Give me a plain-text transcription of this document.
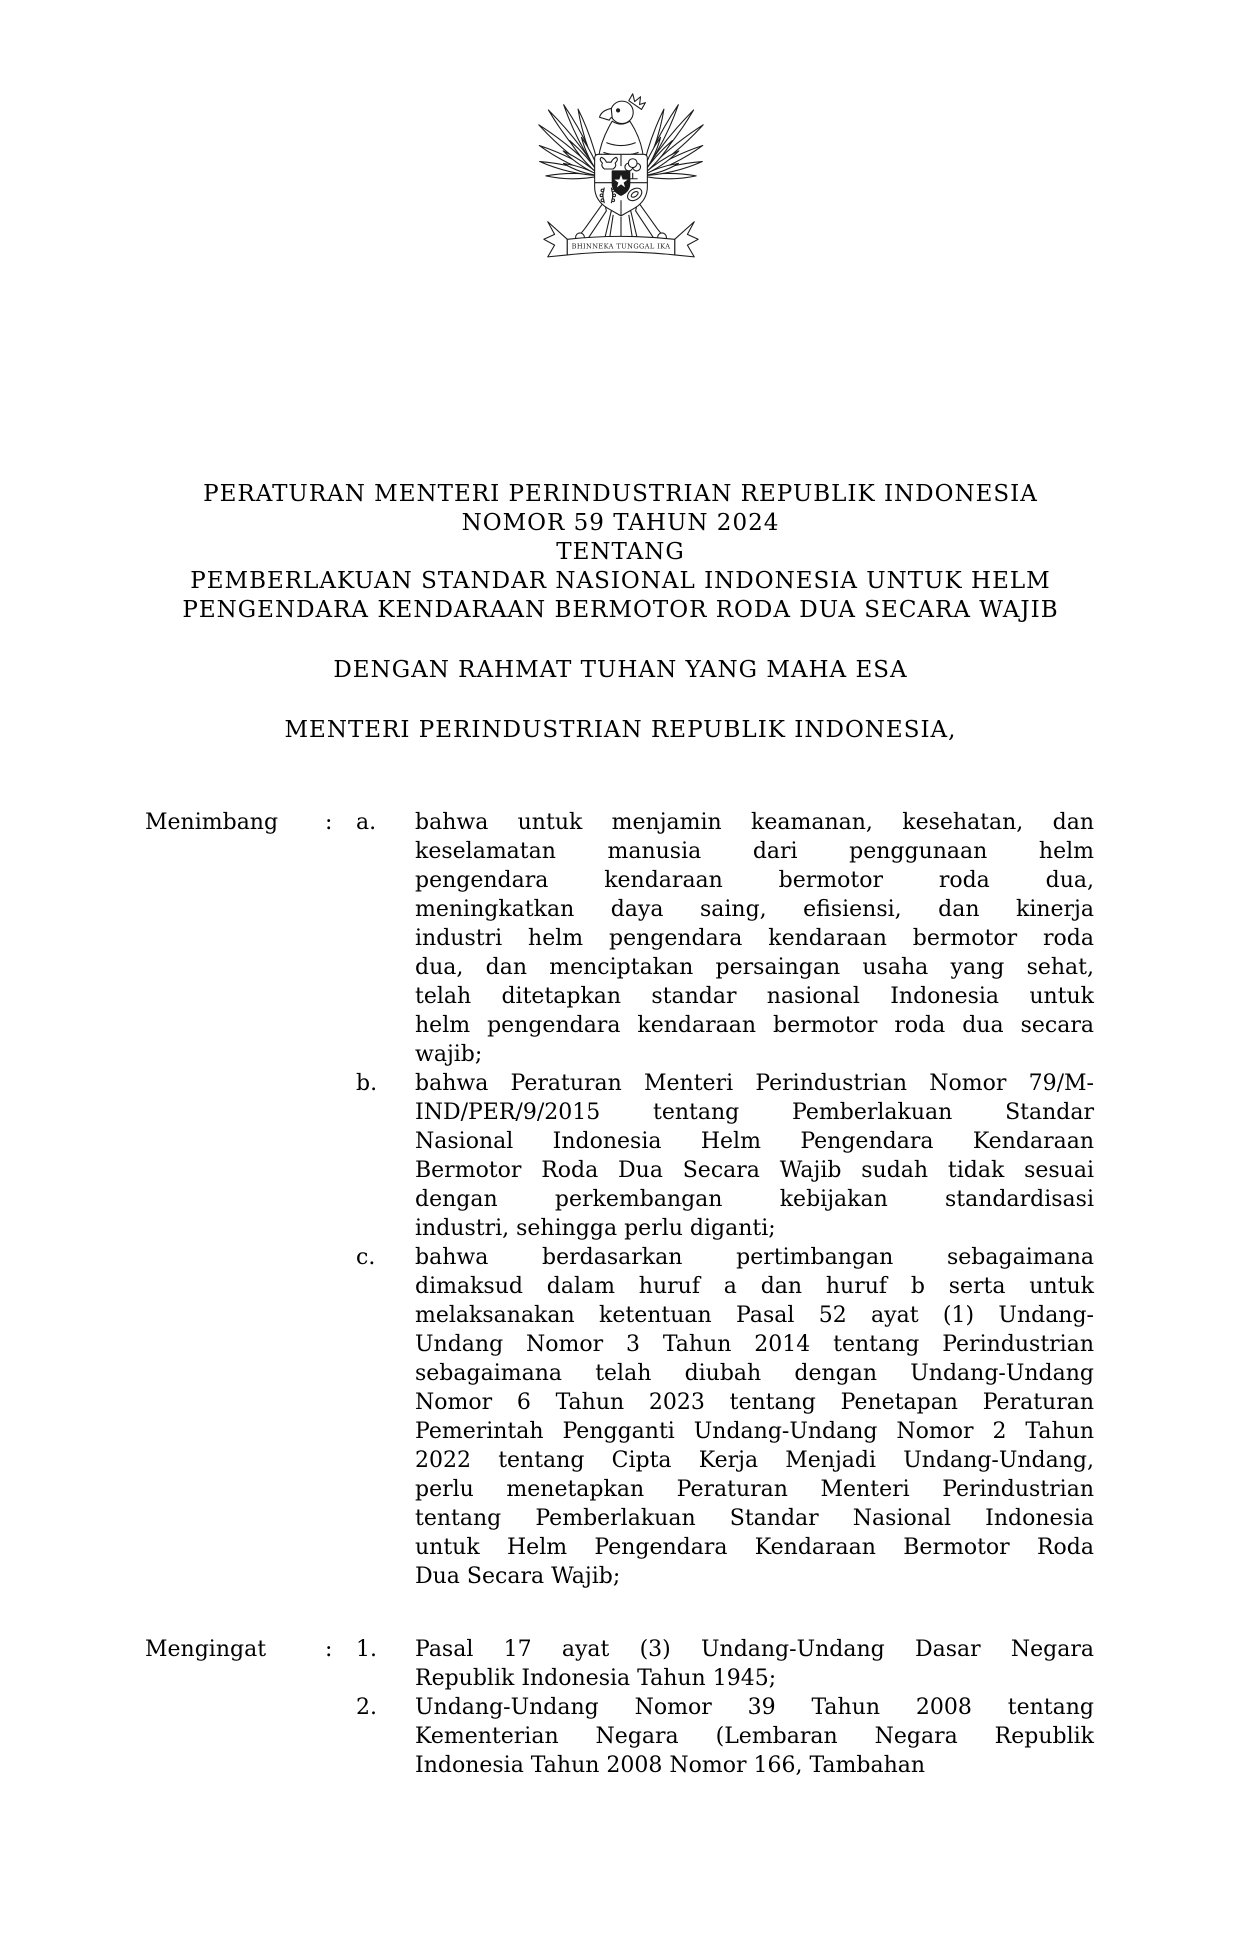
BHINNEKA TUNGGAL IKA
PERATURAN MENTERI PERINDUSTRIAN REPUBLIK INDONESIA
NOMOR 59 TAHUN 2024
TENTANG
PEMBERLAKUAN STANDAR NASIONAL INDONESIA UNTUK HELM
PENGENDARA KENDARAAN BERMOTOR RODA DUA SECARA WAJIB
DENGAN RAHMAT TUHAN YANG MAHA ESA
MENTERI PERINDUSTRIAN REPUBLIK INDONESIA,
Menimbang	:	a.	bahwa untuk menjamin keamanan, kesehatan, dan
keselamatan manusia dari penggunaan helm
pengendara kendaraan bermotor roda dua,
meningkatkan daya saing, efisiensi, dan kinerja
industri helm pengendara kendaraan bermotor roda
dua, dan menciptakan persaingan usaha yang sehat,
telah ditetapkan standar nasional Indonesia untuk
helm pengendara kendaraan bermotor roda dua secara
wajib;
b.	bahwa Peraturan Menteri Perindustrian Nomor 79/M-
IND/PER/9/2015 tentang Pemberlakuan Standar
Nasional Indonesia Helm Pengendara Kendaraan
Bermotor Roda Dua Secara Wajib sudah tidak sesuai
dengan perkembangan kebijakan standardisasi
industri, sehingga perlu diganti;
c.	bahwa berdasarkan pertimbangan sebagaimana
dimaksud dalam huruf a dan huruf b serta untuk
melaksanakan ketentuan Pasal 52 ayat (1) Undang-
Undang Nomor 3 Tahun 2014 tentang Perindustrian
sebagaimana telah diubah dengan Undang-Undang
Nomor 6 Tahun 2023 tentang Penetapan Peraturan
Pemerintah Pengganti Undang-Undang Nomor 2 Tahun
2022 tentang Cipta Kerja Menjadi Undang-Undang,
perlu menetapkan Peraturan Menteri Perindustrian
tentang Pemberlakuan Standar Nasional Indonesia
untuk Helm Pengendara Kendaraan Bermotor Roda
Dua Secara Wajib;
Mengingat	:	1.	Pasal 17 ayat (3) Undang-Undang Dasar Negara
Republik Indonesia Tahun 1945;
2.	Undang-Undang Nomor 39 Tahun 2008 tentang
Kementerian Negara (Lembaran Negara Republik
Indonesia Tahun 2008 Nomor 166, Tambahan
